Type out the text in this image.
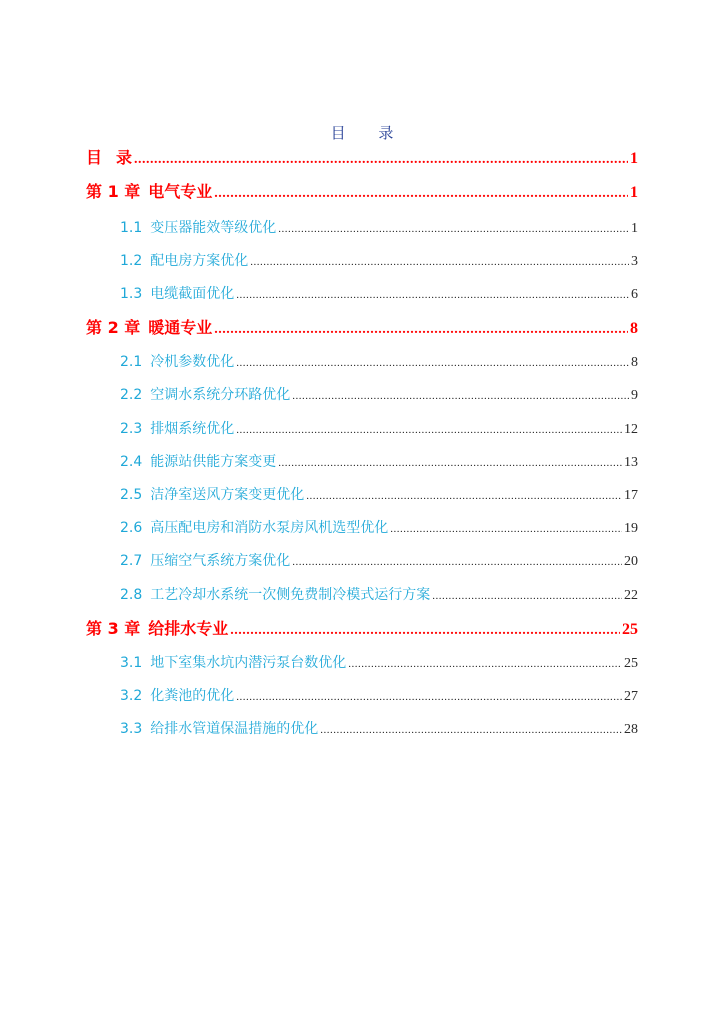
目 录
目 录 .....	1
第 1 章 电气专业 .....	1
1.1 变压器能效等级优化 .....	1
1.2 配电房方案优化 .....	3
1.3 电缆截面优化 .....	6
第 2 章 暖通专业 .....	8
2.1 冷机参数优化 .....	8
2.2 空调水系统分环路优化 .....	9
2.3 排烟系统优化 .....	12
2.4 能源站供能方案变更 .....	13
2.5 洁净室送风方案变更优化 .....	17
2.6 高压配电房和消防水泵房风机选型优化 .....	19
2.7 压缩空气系统方案优化 .....	20
2.8 工艺冷却水系统一次侧免费制冷模式运行方案 .....	22
第 3 章 给排水专业 .....	25
3.1 地下室集水坑内潜污泵台数优化 .....	25
3.2 化粪池的优化 .....	27
3.3 给排水管道保温措施的优化 .....	28
